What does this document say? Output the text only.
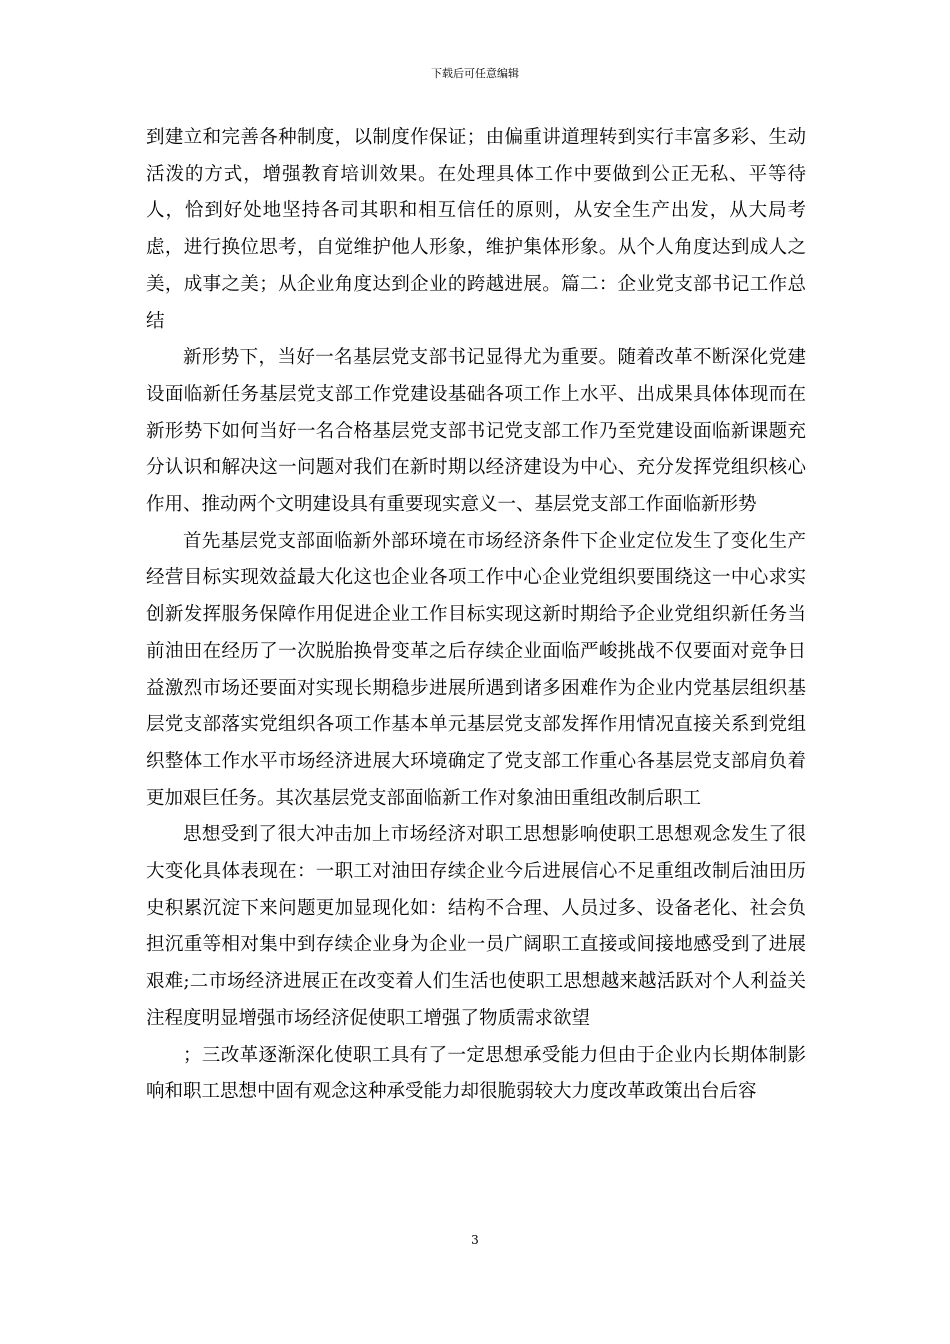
下载后可任意编辑

到建立和完善各种制度，以制度作保证；由偏重讲道理转到实行丰富多彩、生动活泼的方式，增强教育培训效果。在处理具体工作中要做到公正无私、平等待人，恰到好处地坚持各司其职和相互信任的原则，从安全生产出发，从大局考虑，进行换位思考，自觉维护他人形象，维护集体形象。从个人角度达到成人之美，成事之美；从企业角度达到企业的跨越进展。篇二：企业党支部书记工作总结

新形势下，当好一名基层党支部书记显得尤为重要。随着改革不断深化党建设面临新任务基层党支部工作党建设基础各项工作上水平、出成果具体体现而在新形势下如何当好一名合格基层党支部书记党支部工作乃至党建设面临新课题充分认识和解决这一问题对我们在新时期以经济建设为中心、充分发挥党组织核心作用、推动两个文明建设具有重要现实意义一、基层党支部工作面临新形势

首先基层党支部面临新外部环境在市场经济条件下企业定位发生了变化生产经营目标实现效益最大化这也企业各项工作中心企业党组织要围绕这一中心求实创新发挥服务保障作用促进企业工作目标实现这新时期给予企业党组织新任务当前油田在经历了一次脱胎换骨变革之后存续企业面临严峻挑战不仅要面对竞争日益激烈市场还要面对实现长期稳步进展所遇到诸多困难作为企业内党基层组织基层党支部落实党组织各项工作基本单元基层党支部发挥作用情况直接关系到党组织整体工作水平市场经济进展大环境确定了党支部工作重心各基层党支部肩负着更加艰巨任务。其次基层党支部面临新工作对象油田重组改制后职工

思想受到了很大冲击加上市场经济对职工思想影响使职工思想观念发生了很大变化具体表现在：一职工对油田存续企业今后进展信心不足重组改制后油田历史积累沉淀下来问题更加显现化如：结构不合理、人员过多、设备老化、社会负担沉重等相对集中到存续企业身为企业一员广阔职工直接或间接地感受到了进展艰难;二市场经济进展正在改变着人们生活也使职工思想越来越活跃对个人利益关注程度明显增强市场经济促使职工增强了物质需求欲望

；三改革逐渐深化使职工具有了一定思想承受能力但由于企业内长期体制影响和职工思想中固有观念这种承受能力却很脆弱较大力度改革政策出台后容

3
